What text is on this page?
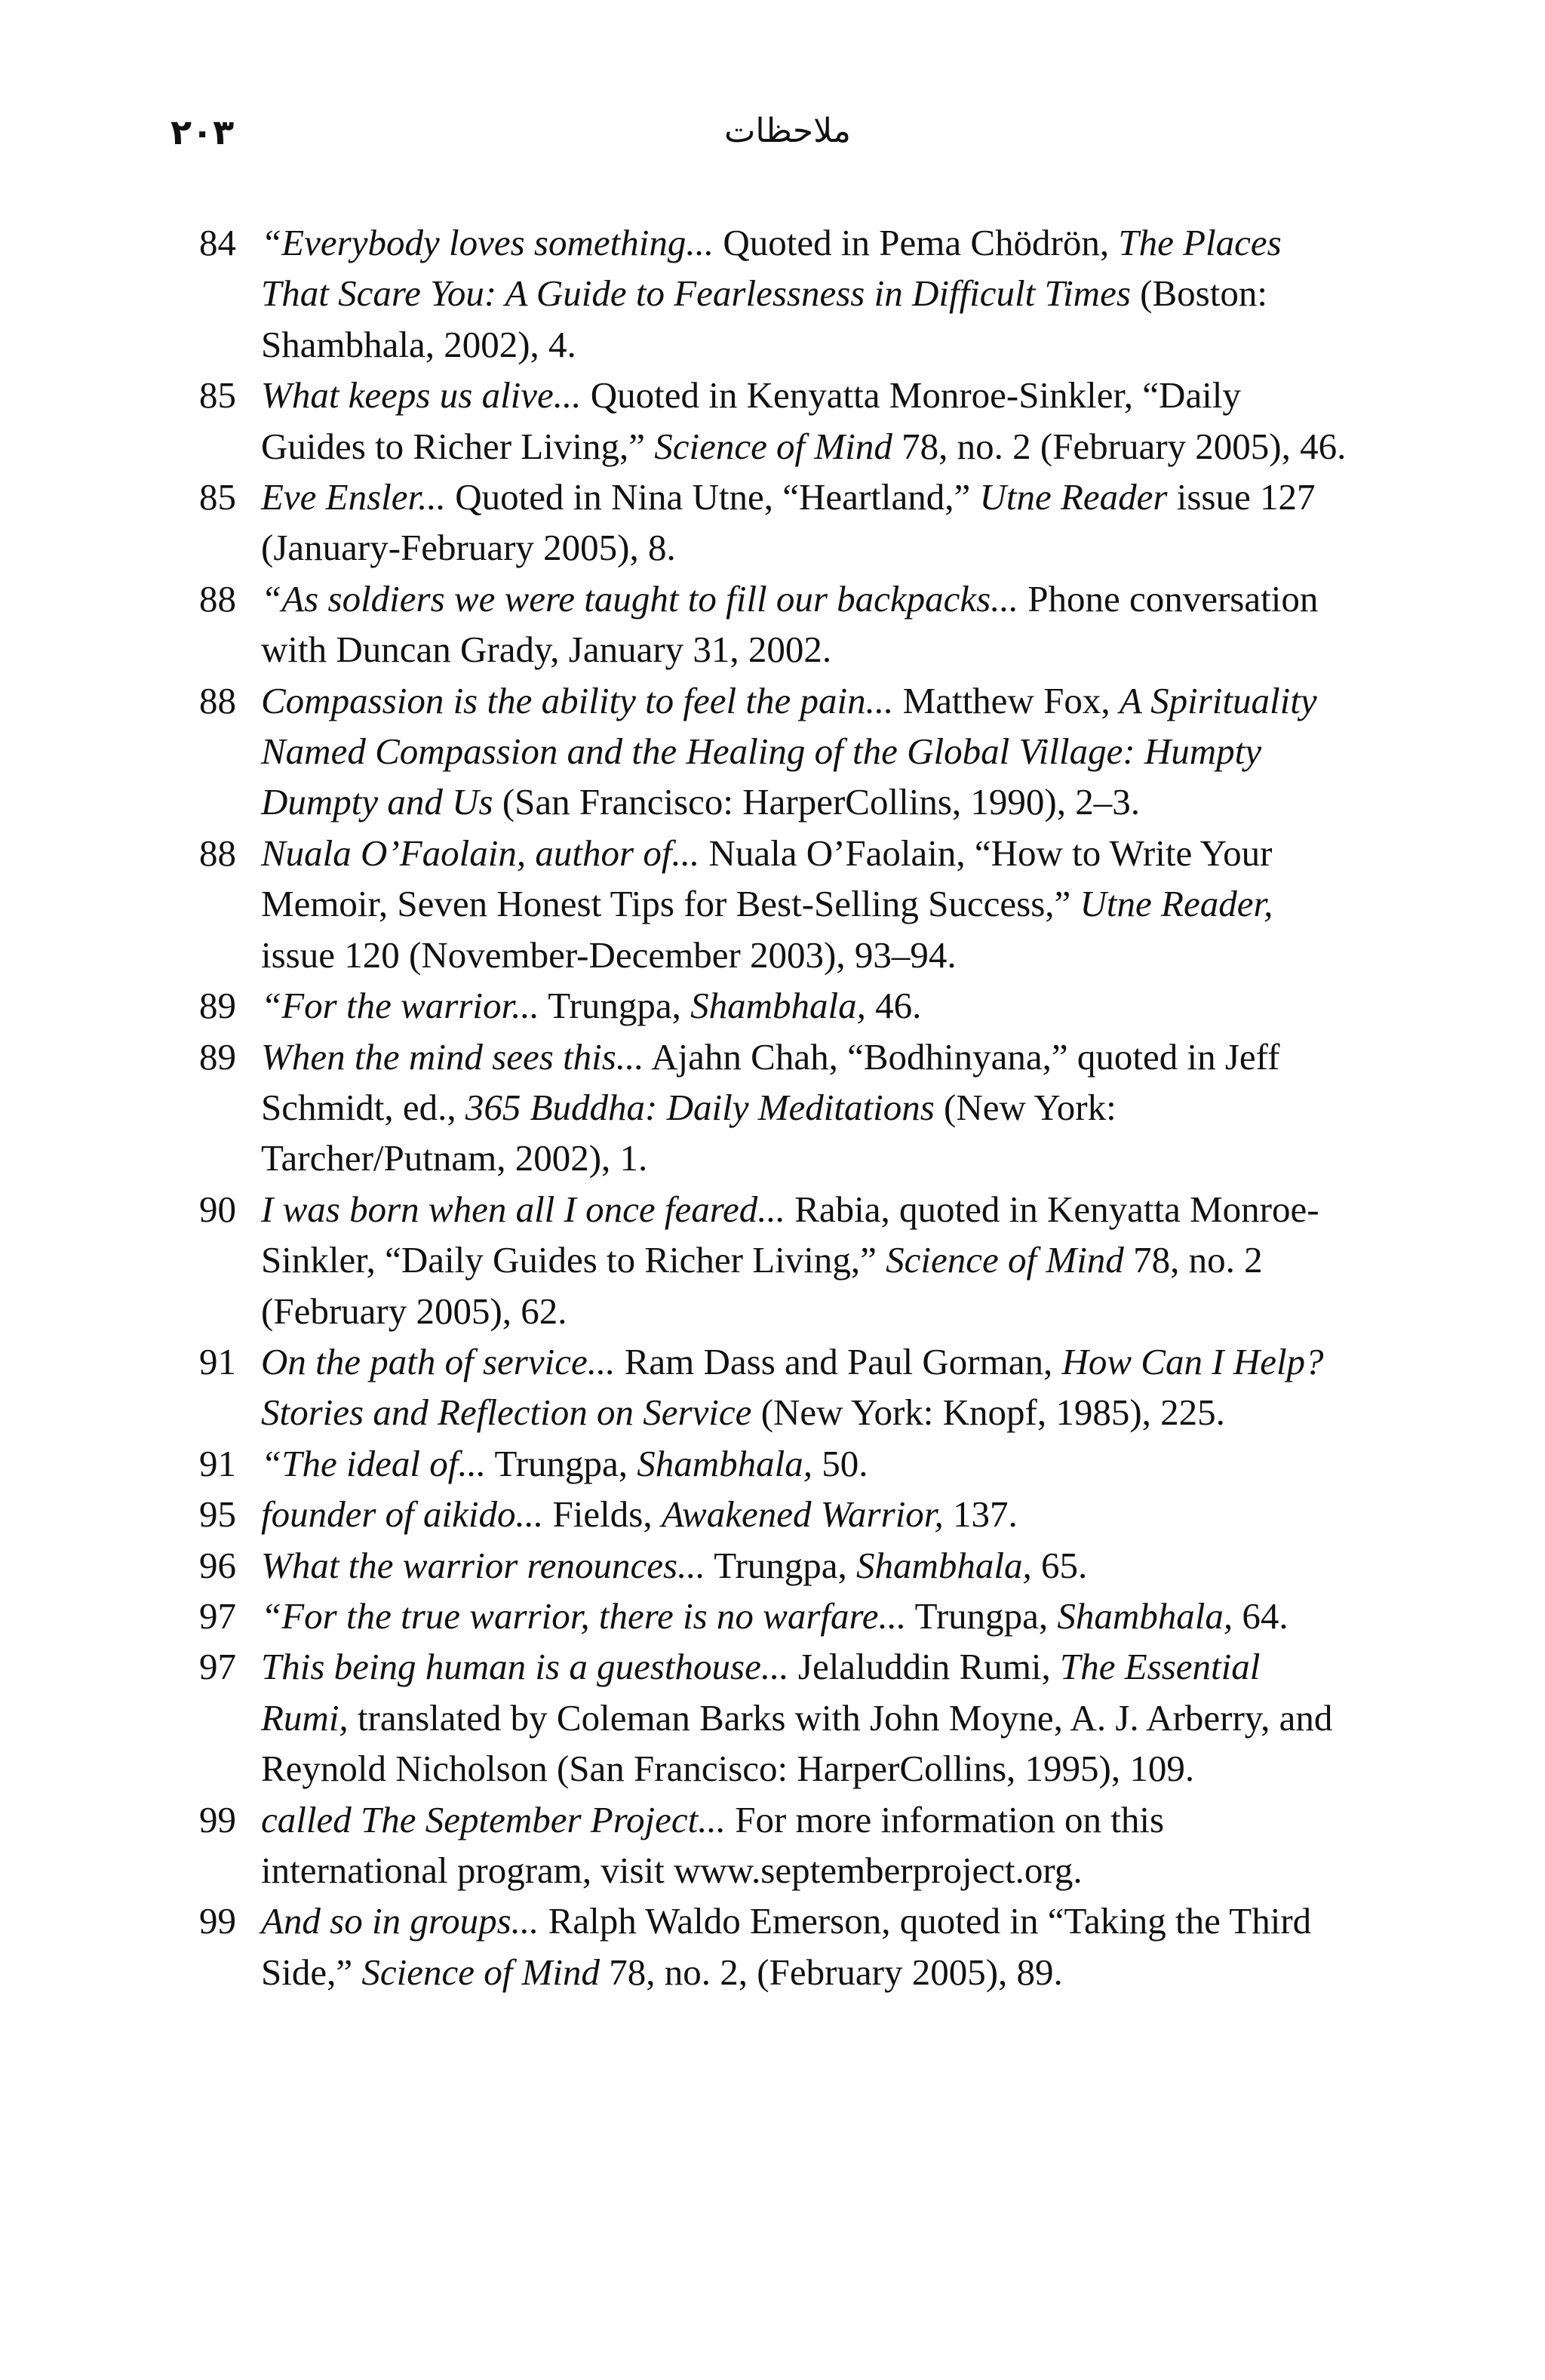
٢٠٣	ملاحظات
84 “Everybody loves something... Quoted in Pema Chödrön, The Places That Scare You: A Guide to Fearlessness in Difficult Times (Boston: Shambhala, 2002), 4.
85 What keeps us alive... Quoted in Kenyatta Monroe-Sinkler, “Daily Guides to Richer Living,” Science of Mind 78, no. 2 (February 2005), 46.
85 Eve Ensler... Quoted in Nina Utne, “Heartland,” Utne Reader issue 127 (January-February 2005), 8.
88 “As soldiers we were taught to fill our backpacks... Phone conversation with Duncan Grady, January 31, 2002.
88 Compassion is the ability to feel the pain... Matthew Fox, A Spirituality Named Compassion and the Healing of the Global Village: Humpty Dumpty and Us (San Francisco: HarperCollins, 1990), 2–3.
88 Nuala O’Faolain, author of... Nuala O’Faolain, “How to Write Your Memoir, Seven Honest Tips for Best-Selling Success,” Utne Reader, issue 120 (November-December 2003), 93–94.
89 “For the warrior... Trungpa, Shambhala, 46.
89 When the mind sees this... Ajahn Chah, “Bodhinyana,” quoted in Jeff Schmidt, ed., 365 Buddha: Daily Meditations (New York: Tarcher/Putnam, 2002), 1.
90 I was born when all I once feared... Rabia, quoted in Kenyatta Monroe-Sinkler, “Daily Guides to Richer Living,” Science of Mind 78, no. 2 (February 2005), 62.
91 On the path of service... Ram Dass and Paul Gorman, How Can I Help? Stories and Reflection on Service (New York: Knopf, 1985), 225.
91 “The ideal of... Trungpa, Shambhala, 50.
95 founder of aikido... Fields, Awakened Warrior, 137.
96 What the warrior renounces... Trungpa, Shambhala, 65.
97 “For the true warrior, there is no warfare... Trungpa, Shambhala, 64.
97 This being human is a guesthouse... Jelaluddin Rumi, The Essential Rumi, translated by Coleman Barks with John Moyne, A. J. Arberry, and Reynold Nicholson (San Francisco: HarperCollins, 1995), 109.
99 called The September Project... For more information on this international program, visit www.septemberproject.org.
99 And so in groups... Ralph Waldo Emerson, quoted in “Taking the Third Side,” Science of Mind 78, no. 2, (February 2005), 89.
